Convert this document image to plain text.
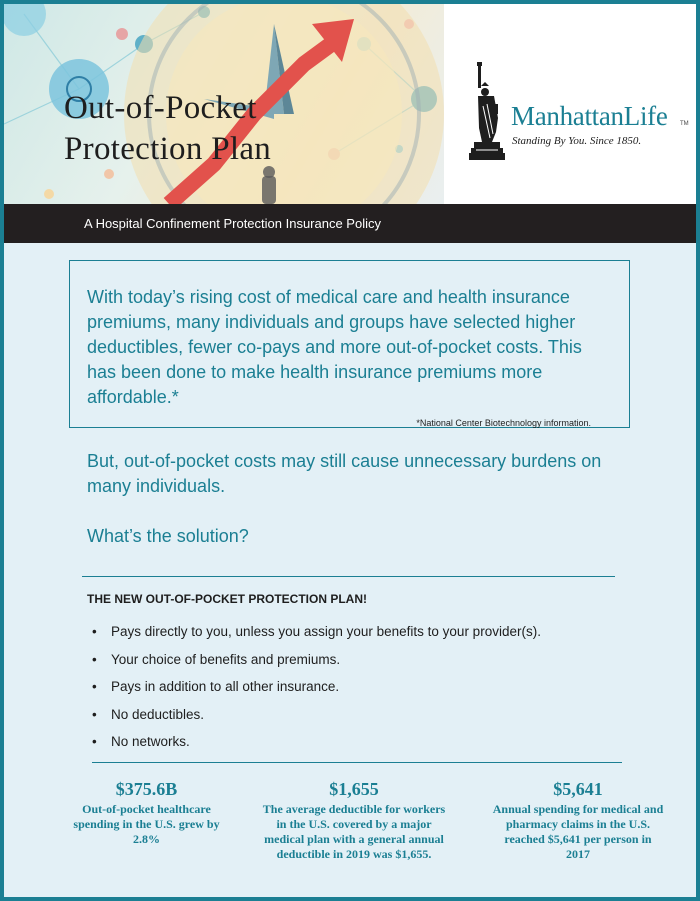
Out-of-Pocket
Protection Plan
ManhattanLife TM
Standing By You. Since 1850.
A Hospital Confinement Protection Insurance Policy
With today’s rising cost of medical care and health insurance premiums, many individuals and groups have selected higher deductibles, fewer co-pays and more out-of-pocket costs. This has been done to make health insurance premiums more affordable.*
*National Center Biotechnology information.
But, out-of-pocket costs may still cause unnecessary burdens on many individuals.
What’s the solution?
THE NEW OUT-OF-POCKET PROTECTION PLAN!
• Pays directly to you, unless you assign your benefits to your provider(s).
• Your choice of benefits and premiums.
• Pays in addition to all other insurance.
• No deductibles.
• No networks.
$375.6B
Out-of-pocket healthcare spending in the U.S. grew by 2.8%
$1,655
The average deductible for workers in the U.S. covered by a major medical plan with a general annual deductible in 2019 was $1,655.
$5,641
Annual spending for medical and pharmacy claims in the U.S. reached $5,641 per person in 2017
